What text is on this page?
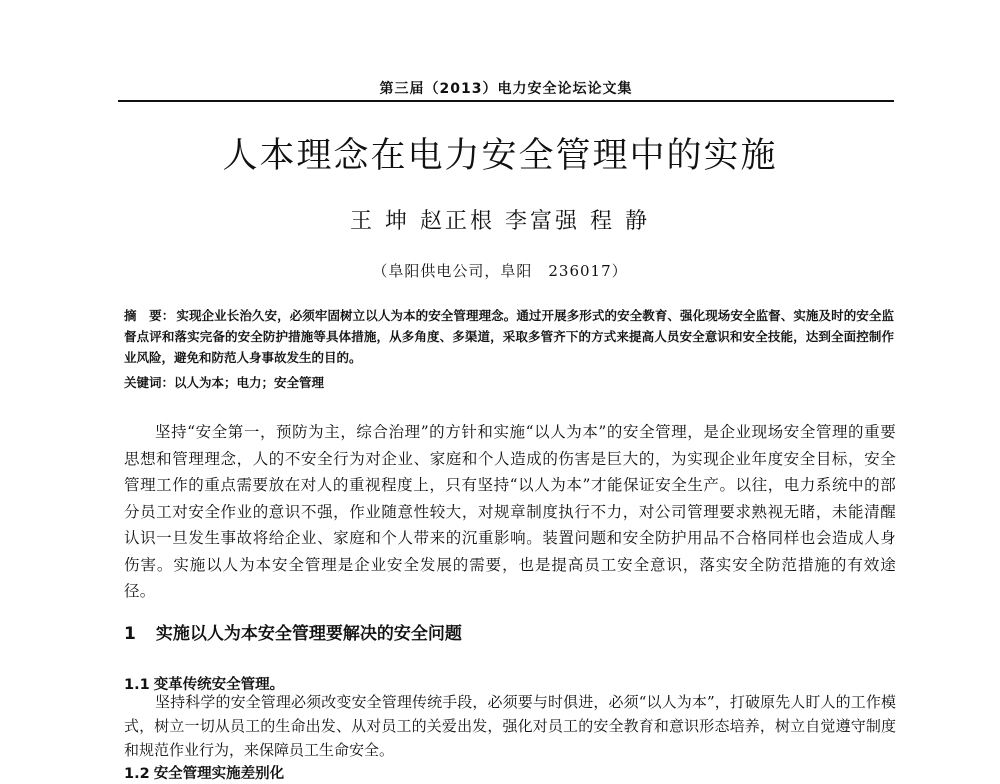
第三届（2013）电力安全论坛论文集
人本理念在电力安全管理中的实施
王 坤 赵正根 李富强 程 静
（阜阳供电公司，阜阳　236017）
摘　要： 实现企业长治久安，必须牢固树立以人为本的安全管理理念。通过开展多形式的安全教育、强化现场安全监督、实施及时的安全监督点评和落实完备的安全防护措施等具体措施，从多角度、多渠道，采取多管齐下的方式来提高人员安全意识和安全技能，达到全面控制作业风险，避免和防范人身事故发生的目的。
关键词：以人为本；电力；安全管理
坚持“安全第一，预防为主，综合治理”的方针和实施“以人为本”的安全管理，是企业现场安全管理的重要思想和管理理念，人的不安全行为对企业、家庭和个人造成的伤害是巨大的，为实现企业年度安全目标，安全管理工作的重点需要放在对人的重视程度上，只有坚持“以人为本”才能保证安全生产。以往，电力系统中的部分员工对安全作业的意识不强，作业随意性较大，对规章制度执行不力，对公司管理要求熟视无睹，未能清醒认识一旦发生事故将给企业、家庭和个人带来的沉重影响。装置问题和安全防护用品不合格同样也会造成人身伤害。实施以人为本安全管理是企业安全发展的需要，也是提高员工安全意识，落实安全防范措施的有效途径。
1 实施以人为本安全管理要解决的安全问题
1.1 变革传统安全管理。
坚持科学的安全管理必须改变安全管理传统手段，必须要与时俱进，必须“以人为本”，打破原先人盯人的工作模式，树立一切从员工的生命出发、从对员工的关爱出发，强化对员工的安全教育和意识形态培养，树立自觉遵守制度和规范作业行为，来保障员工生命安全。
1.2 安全管理实施差别化
